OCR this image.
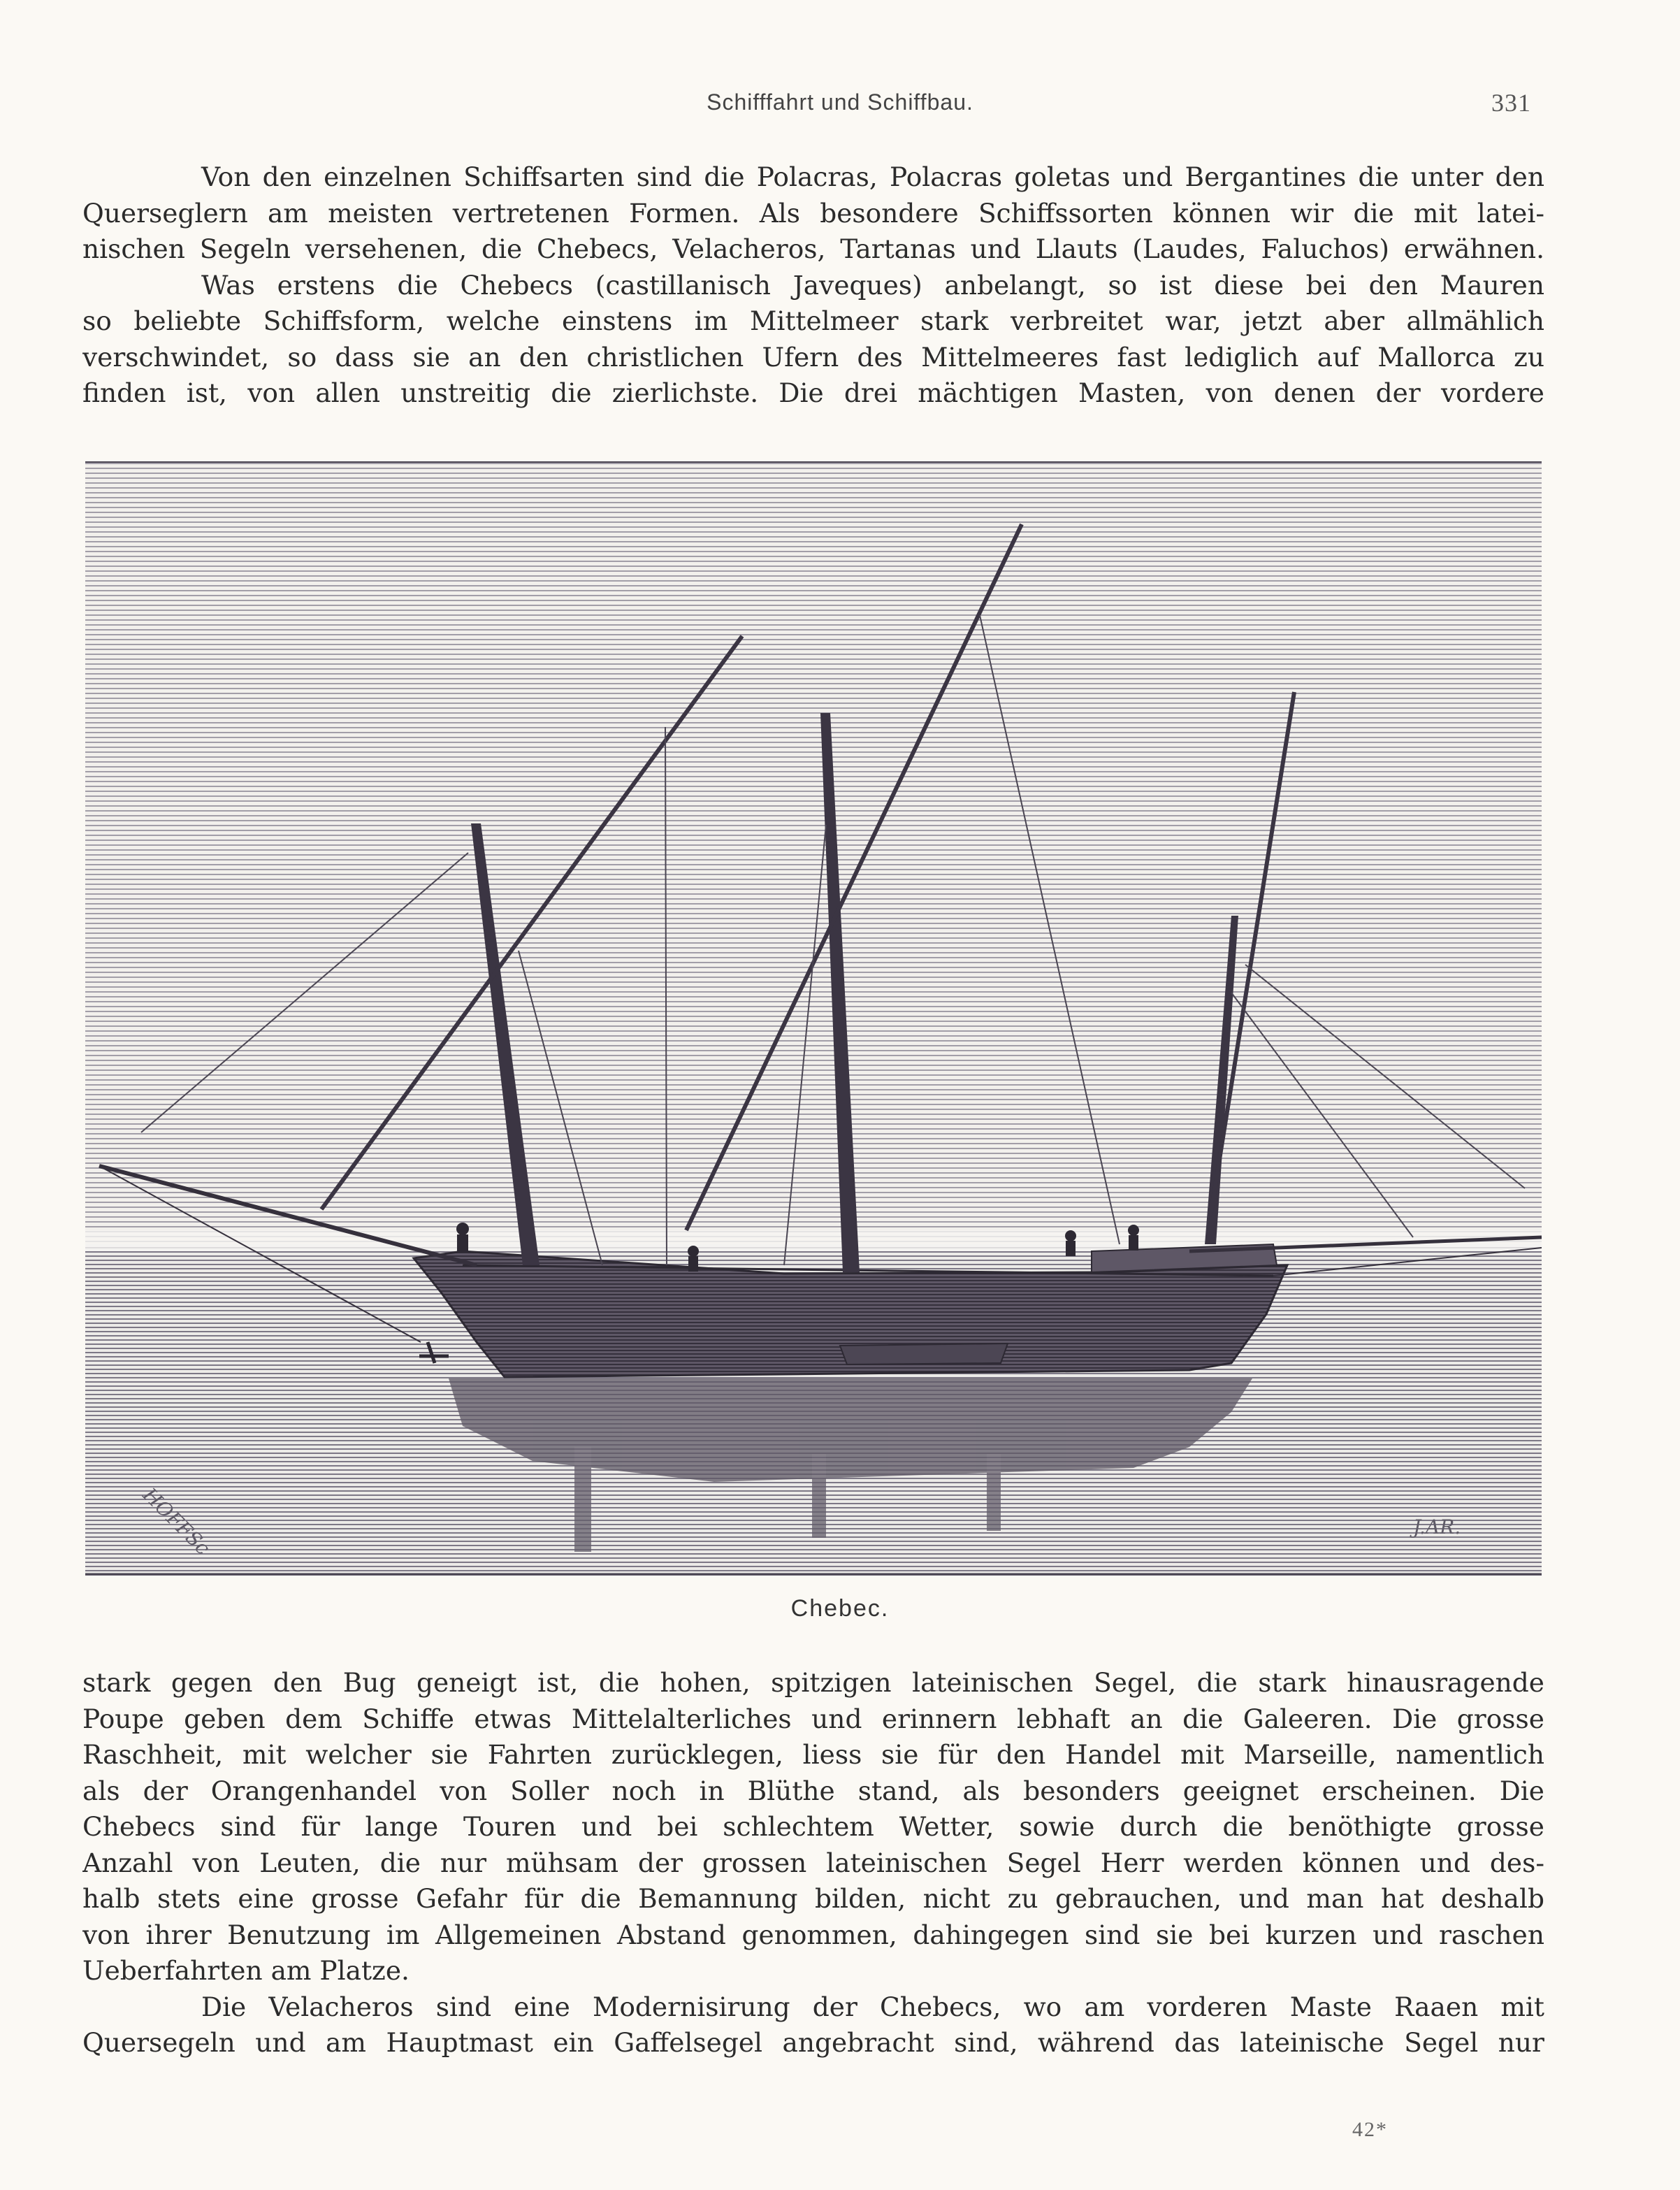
Schifffahrt und Schiffbau.	331

Von den einzelnen Schiffsarten sind die Polacras, Polacras goletas und Bergantines die unter den
Querseglern am meisten vertretenen Formen. Als besondere Schiffssorten können wir die mit latei-
nischen Segeln versehenen, die Chebecs, Velacheros, Tartanas und Llauts (Laudes, Faluchos) erwähnen.

Was erstens die Chebecs (castillanisch Javeques) anbelangt, so ist diese bei den Mauren
so beliebte Schiffsform, welche einstens im Mittelmeer stark verbreitet war, jetzt aber allmählich
verschwindet, so dass sie an den christlichen Ufern des Mittelmeeres fast lediglich auf Mallorca zu
finden ist, von allen unstreitig die zierlichste. Die drei mächtigen Masten, von denen der vordere

HOFFSc	J.AR.
Chebec.

stark gegen den Bug geneigt ist, die hohen, spitzigen lateinischen Segel, die stark hinausragende
Poupe geben dem Schiffe etwas Mittelalterliches und erinnern lebhaft an die Galeeren. Die grosse
Raschheit, mit welcher sie Fahrten zurücklegen, liess sie für den Handel mit Marseille, namentlich
als der Orangenhandel von Soller noch in Blüthe stand, als besonders geeignet erscheinen. Die
Chebecs sind für lange Touren und bei schlechtem Wetter, sowie durch die benöthigte grosse
Anzahl von Leuten, die nur mühsam der grossen lateinischen Segel Herr werden können und des-
halb stets eine grosse Gefahr für die Bemannung bilden, nicht zu gebrauchen, und man hat deshalb
von ihrer Benutzung im Allgemeinen Abstand genommen, dahingegen sind sie bei kurzen und raschen
Ueberfahrten am Platze.

Die Velacheros sind eine Modernisirung der Chebecs, wo am vorderen Maste Raaen mit
Quersegeln und am Hauptmast ein Gaffelsegel angebracht sind, während das lateinische Segel nur

42*
